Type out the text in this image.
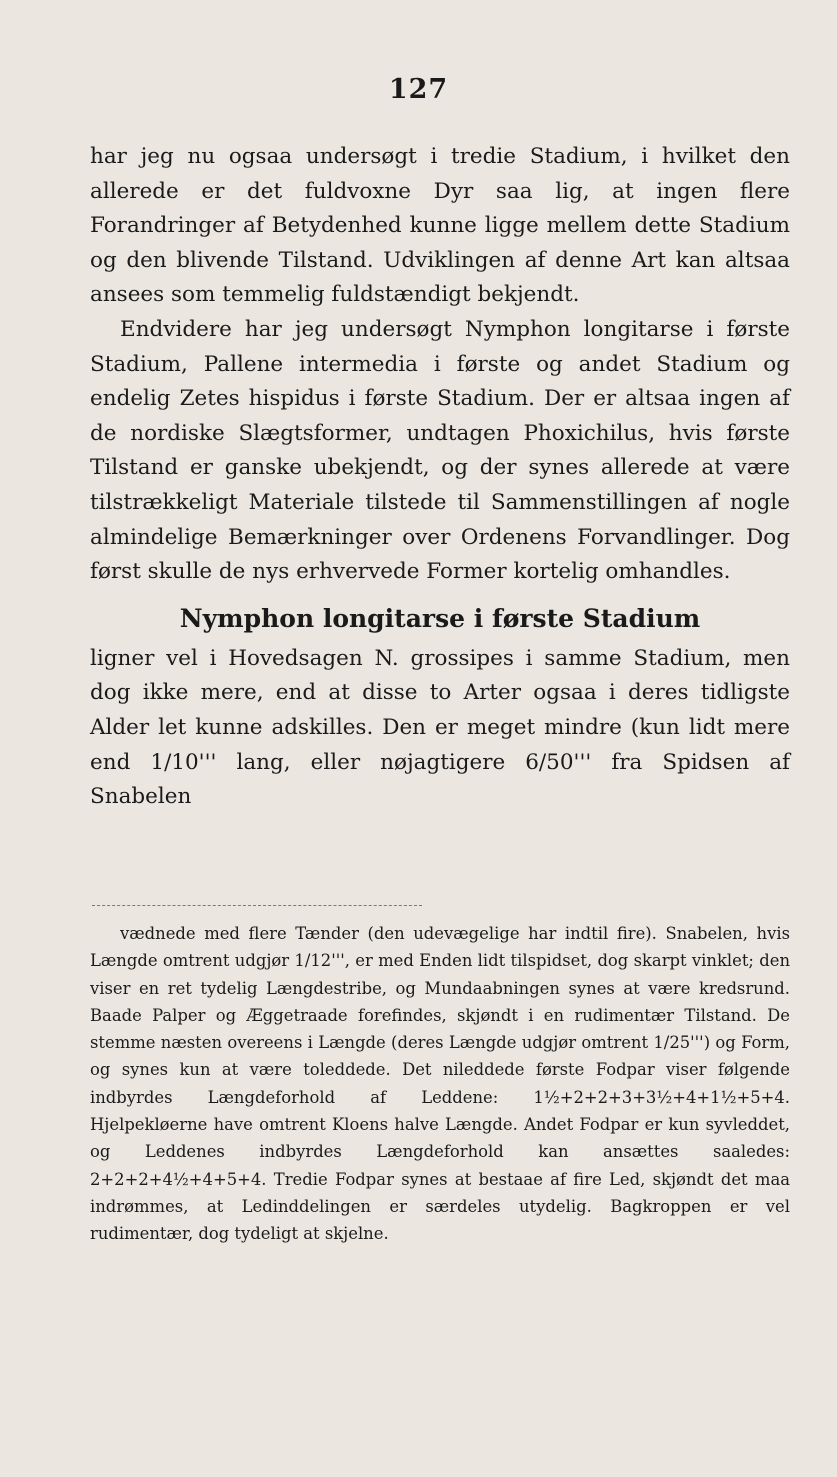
127

har jeg nu ogsaa undersøgt i tredie Stadium, i hvilket den allerede er det fuldvoxne Dyr saa lig, at ingen flere Forandringer af Betydenhed kunne ligge mellem dette Stadium og den blivende Tilstand. Udviklingen af denne Art kan altsaa ansees som temmelig fuldstændigt bekjendt.

Endvidere har jeg undersøgt Nymphon longitarse i første Stadium, Pallene intermedia i første og andet Stadium og endelig Zetes hispidus i første Stadium. Der er altsaa ingen af de nordiske Slægtsformer, undtagen Phoxichilus, hvis første Tilstand er ganske ubekjendt, og der synes allerede at være tilstrækkeligt Materiale tilstede til Sammenstillingen af nogle almindelige Bemærkninger over Ordenens Forvandlinger. Dog først skulle de nys erhvervede Former kortelig omhandles.

Nymphon longitarse i første Stadium

ligner vel i Hovedsagen N. grossipes i samme Stadium, men dog ikke mere, end at disse to Arter ogsaa i deres tidligste Alder let kunne adskilles. Den er meget mindre (kun lidt mere end 1/10''' lang, eller nøjagtigere 6/50''' fra Spidsen af Snabelen

vædnede med flere Tænder (den udevægelige har indtil fire). Snabelen, hvis Længde omtrent udgjør 1/12''', er med Enden lidt tilspidset, dog skarpt vinklet; den viser en ret tydelig Længdestribe, og Mundaabningen synes at være kredsrund. Baade Palper og Æggetraade forefindes, skjøndt i en rudimentær Tilstand. De stemme næsten overeens i Længde (deres Længde udgjør omtrent 1/25''') og Form, og synes kun at være toleddede. Det nileddede første Fodpar viser følgende indbyrdes Længdeforhold af Leddene: 1½+2+2+3+3½+4+1½+5+4. Hjelpekløerne have omtrent Kloens halve Længde. Andet Fodpar er kun syvleddet, og Leddenes indbyrdes Længdeforhold kan ansættes saaledes: 2+2+2+4½+4+5+4. Tredie Fodpar synes at bestaae af fire Led, skjøndt det maa indrømmes, at Ledinddelingen er særdeles utydelig. Bagkroppen er vel rudimentær, dog tydeligt at skjelne.
